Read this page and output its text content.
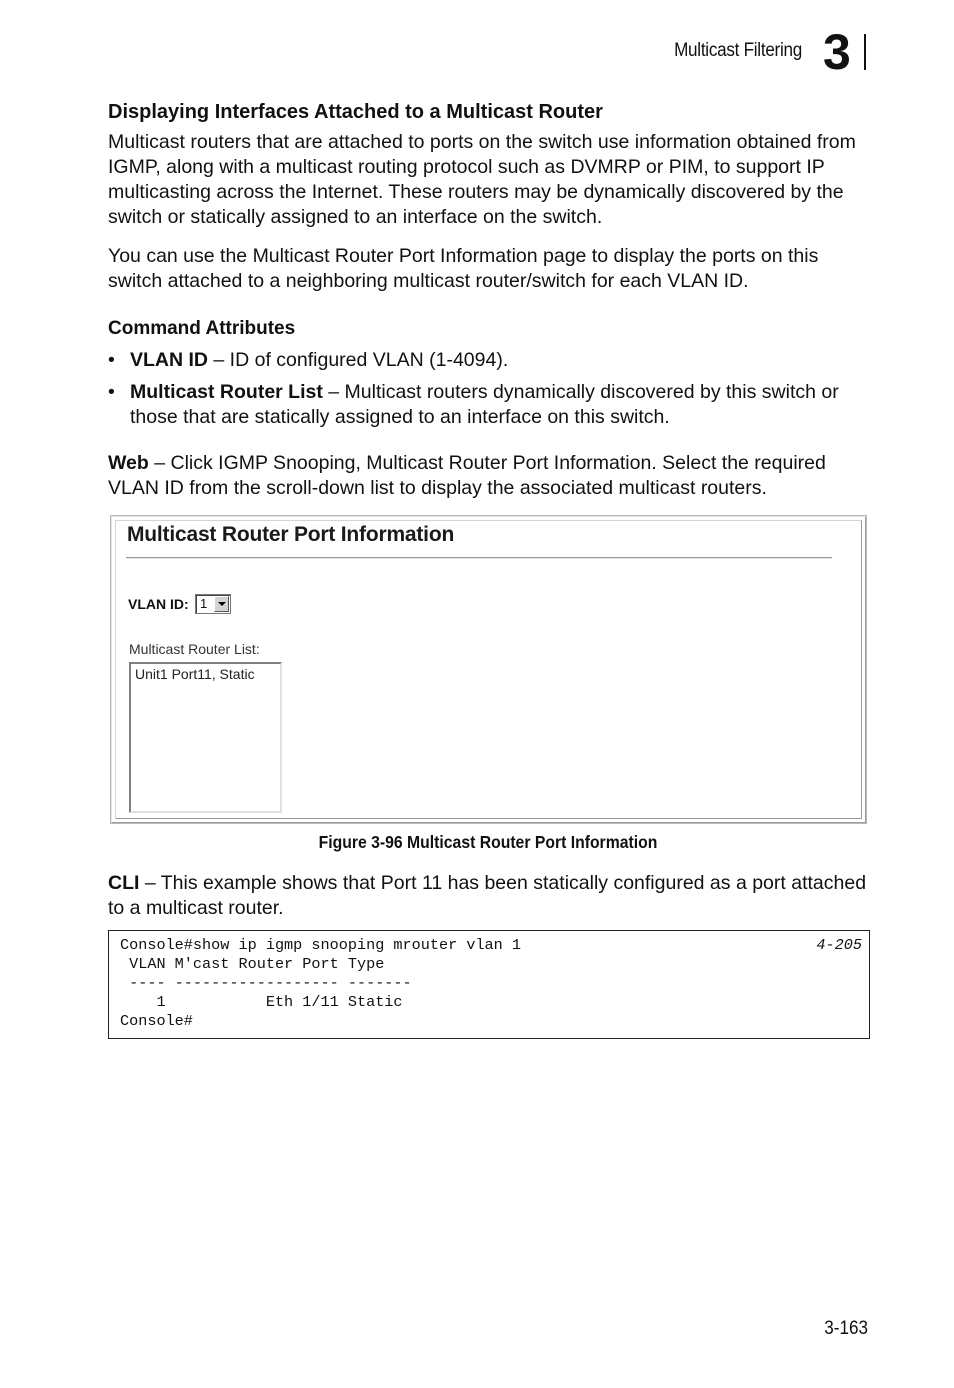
Multicast Filtering 3
Displaying Interfaces Attached to a Multicast Router
Multicast routers that are attached to ports on the switch use information obtained from IGMP, along with a multicast routing protocol such as DVMRP or PIM, to support IP multicasting across the Internet. These routers may be dynamically discovered by the switch or statically assigned to an interface on the switch.
You can use the Multicast Router Port Information page to display the ports on this switch attached to a neighboring multicast router/switch for each VLAN ID.
Command Attributes
• VLAN ID – ID of configured VLAN (1-4094).
• Multicast Router List – Multicast routers dynamically discovered by this switch or those that are statically assigned to an interface on this switch.
Web – Click IGMP Snooping, Multicast Router Port Information. Select the required VLAN ID from the scroll-down list to display the associated multicast routers.
Multicast Router Port Information
VLAN ID: 1
Multicast Router List:
Unit1 Port11, Static
Figure 3-96 Multicast Router Port Information
CLI – This example shows that Port 11 has been statically configured as a port attached to a multicast router.
Console#show ip igmp snooping mrouter vlan 1
VLAN M'cast Router Port Type
---- ------------------ -------
1           Eth 1/11 Static
Console#
4-205
3-163
